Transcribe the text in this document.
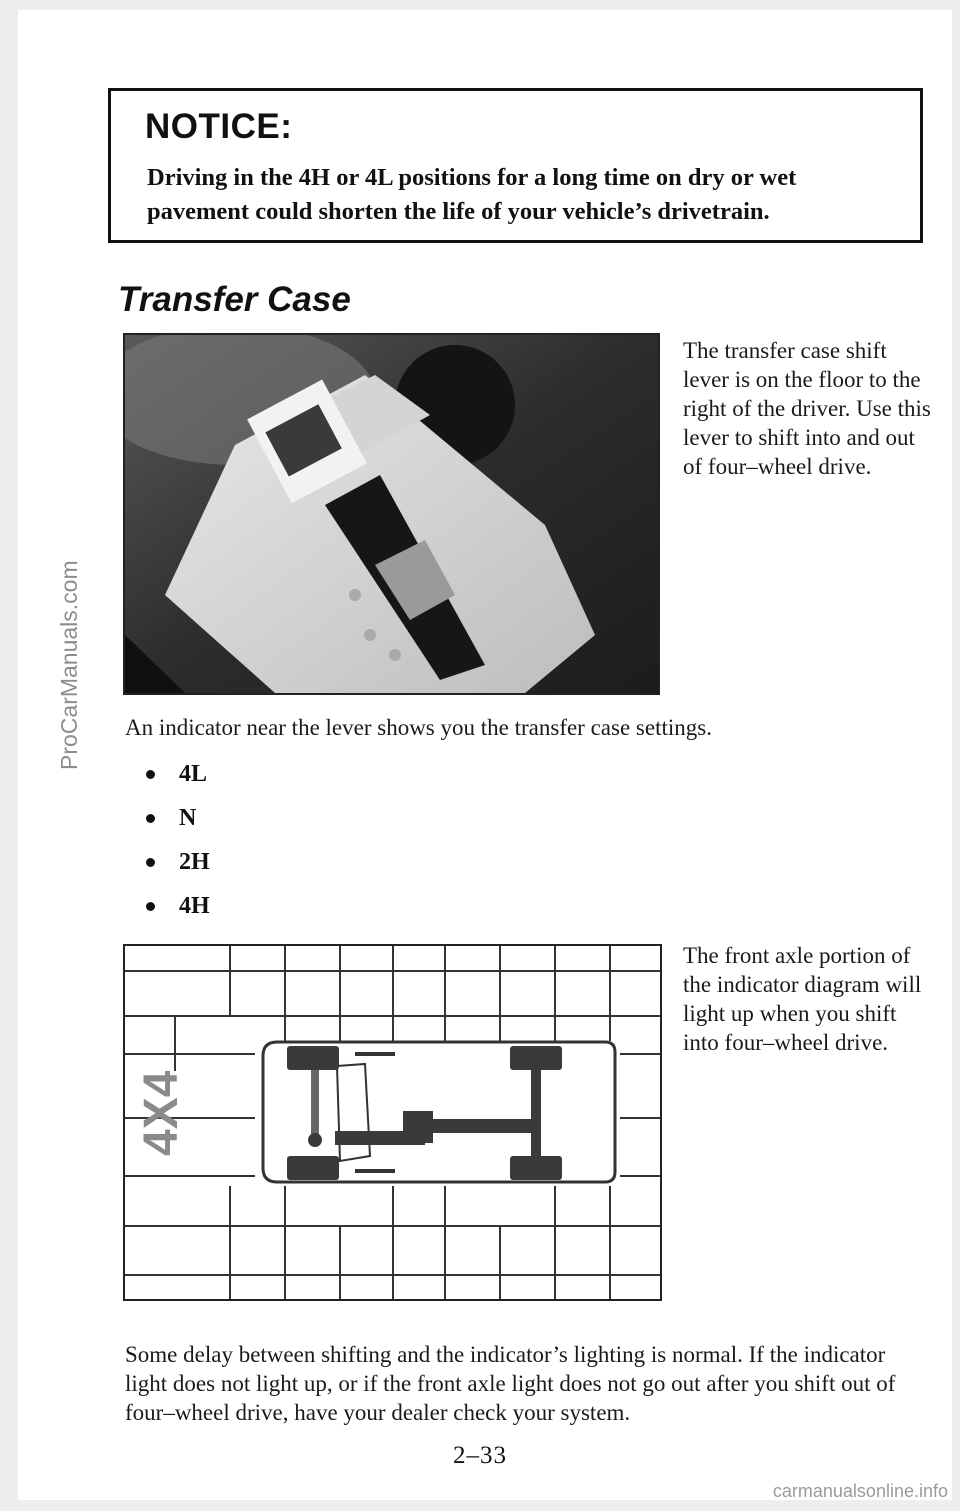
ProCarManuals.com
NOTICE:
Driving in the 4H or 4L positions for a long time on dry or wet pavement could shorten the life of your vehicle’s drivetrain.
Transfer Case
The transfer case shift lever is on the floor to the right of the driver. Use this lever to shift into and out of four–wheel drive.
An indicator near the lever shows you the transfer case settings.
4L
N
2H
4H
4X4
The front axle portion of the indicator diagram will light up when you shift into four–wheel drive.
Some delay between shifting and the indicator’s lighting is normal. If the indicator light does not light up, or if the front axle light does not go out after you shift out of four–wheel drive, have your dealer check your system.
2–33
carmanualsonline.info
